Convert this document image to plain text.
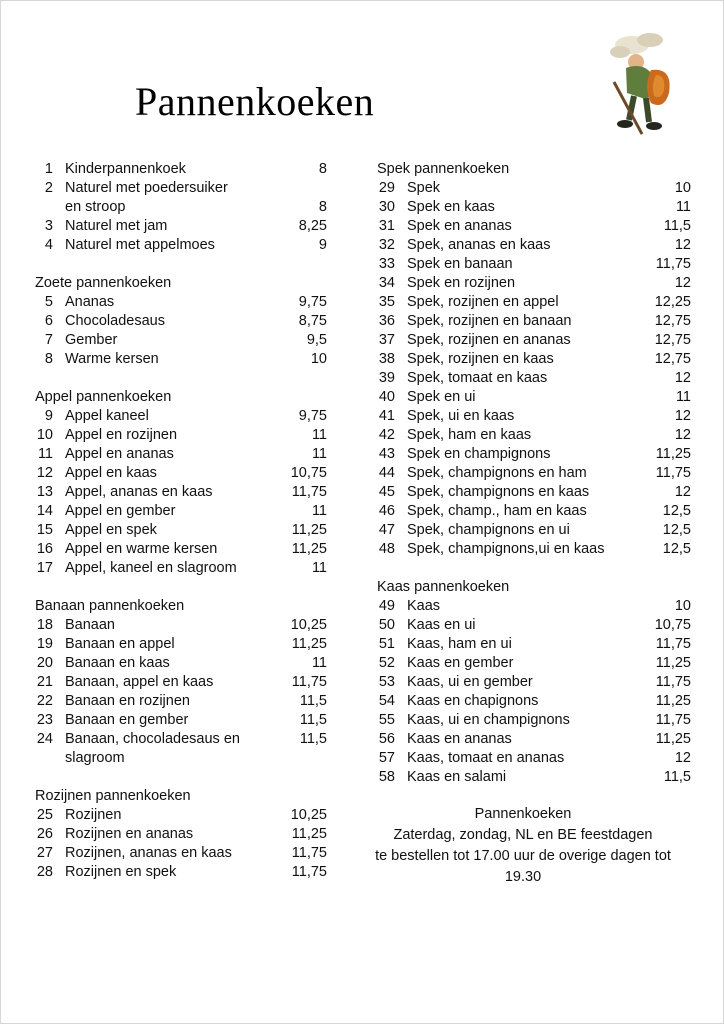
Pannenkoeken
1 Kinderpannenkoek	8
2 Naturel met poedersuiker
en stroop	8
3 Naturel met jam	8,25
4 Naturel met appelmoes	9
Zoete pannenkoeken
5 Ananas	9,75
6 Chocoladesaus	8,75
7 Gember	9,5
8 Warme kersen	10
Appel pannenkoeken
9 Appel kaneel	9,75
10 Appel en rozijnen	11
11 Appel en ananas	11
12 Appel en kaas	10,75
13 Appel, ananas en kaas	11,75
14 Appel en gember	11
15 Appel en spek	11,25
16 Appel en warme kersen	11,25
17 Appel, kaneel en slagroom	11
Banaan pannenkoeken
18 Banaan	10,25
19 Banaan en appel	11,25
20 Banaan en kaas	11
21 Banaan, appel en kaas	11,75
22 Banaan en rozijnen	11,5
23 Banaan en gember	11,5
24 Banaan, chocoladesaus en	11,5
slagroom
Rozijnen pannenkoeken
25 Rozijnen	10,25
26 Rozijnen en ananas	11,25
27 Rozijnen, ananas en kaas	11,75
28 Rozijnen en spek	11,75
Spek pannenkoeken
29 Spek	10
30 Spek en kaas	11
31 Spek en ananas	11,5
32 Spek, ananas en kaas	12
33 Spek en banaan	11,75
34 Spek en rozijnen	12
35 Spek, rozijnen en appel	12,25
36 Spek, rozijnen en banaan	12,75
37 Spek, rozijnen en ananas	12,75
38 Spek, rozijnen en kaas	12,75
39 Spek, tomaat en kaas	12
40 Spek en ui	11
41 Spek, ui en kaas	12
42 Spek, ham en kaas	12
43 Spek en champignons	11,25
44 Spek, champignons en ham	11,75
45 Spek, champignons en kaas	12
46 Spek, champ., ham en kaas	12,5
47 Spek, champignons en ui	12,5
48 Spek, champignons,ui en kaas	12,5
Kaas pannenkoeken
49 Kaas	10
50 Kaas en ui	10,75
51 Kaas, ham en ui	11,75
52 Kaas en gember	11,25
53 Kaas, ui en gember	11,75
54 Kaas en chapignons	11,25
55 Kaas, ui en champignons	11,75
56 Kaas en ananas	11,25
57 Kaas, tomaat en ananas	12
58 Kaas en salami	11,5
Pannenkoeken
Zaterdag, zondag, NL en BE feestdagen
te bestellen tot 17.00 uur de overige dagen tot 19.30
